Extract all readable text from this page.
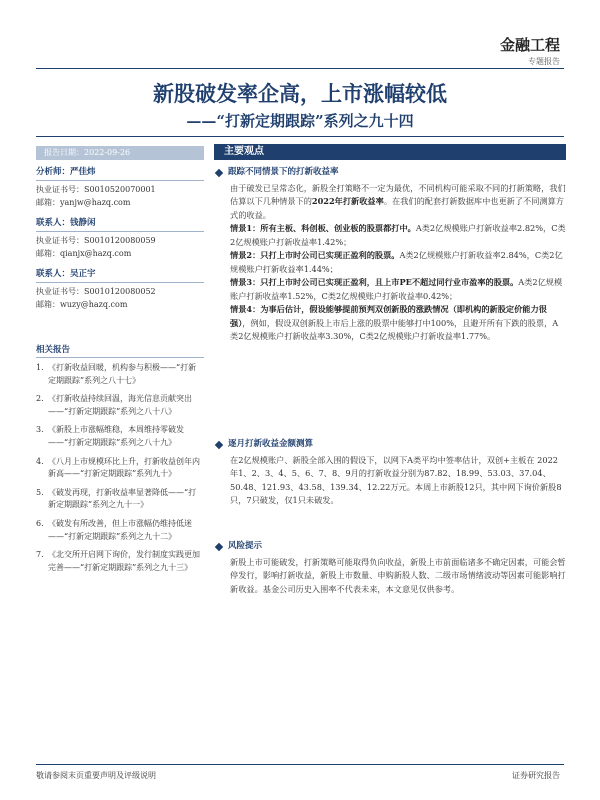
金融工程
专题报告
新股破发率企高，上市涨幅较低
——“打新定期跟踪”系列之九十四
报告日期：2022-09-26
分析师：严佳炜
执业证书号：S0010520070001
邮箱：yanjw@hazq.com
联系人：钱静闲
执业证书号：S0010120080059
邮箱：qianjx@hazq.com
联系人：吴正宇
执业证书号：S0010120080052
邮箱：wuzy@hazq.com
相关报告
1. 《打新收益回暖，机构参与积极——“打新定期跟踪”系列之八十七》
2. 《打新收益持续回温，海光信息贡献突出——“打新定期跟踪”系列之八十八》
3. 《新股上市涨幅维稳，本周维持零破发——“打新定期跟踪”系列之八十九》
4. 《八月上市规模环比上升，打新收益创年内新高——“打新定期跟踪”系列九十》
5. 《破发再现，打新收益率显著降低——“打新定期跟踪”系列之九十一》
6. 《破发有所改善，但上市涨幅仍维持低迷——“打新定期跟踪”系列之九十二》
7. 《北交所开启网下询价，发行制度实践更加完善——“打新定期跟踪”系列之九十三》
主要观点
跟踪不同情景下的打新收益率

由于破发已呈常态化，新股全打策略不一定为最优，不同机构可能采取不同的打新策略，我们估算以下几种情景下的2022年打新收益率。在我们的配套打新数据库中也更新了不同测算方式的收益。

情景1：所有主板、科创板、创业板的股票都打中。A类2亿规模账户打新收益率2.82%，C类2亿规模账户打新收益率1.42%；

情景2：只打上市时公司已实现正盈利的股票。A类2亿规模账户打新收益率2.84%，C类2亿规模账户打新收益率1.44%；

情景3：只打上市时公司已实现正盈利，且上市PE不超过同行业市盈率的股票。A类2亿规模账户打新收益率1.52%，C类2亿规模账户打新收益率0.42%；

情景4：为事后估计，假设能够提前预判双创新股的涨跌情况（即机构的新股定价能力很强），例如，假设双创新股上市后上涨的股票中能够打中100%，且避开所有下跌的股票，A类2亿规模账户打新收益率3.30%，C类2亿规模账户打新收益率1.77%。

逐月打新收益金额测算

在2亿规模账户、新股全部入围的假设下，以网下A类平均中签率估计，双创+主板在 2022年1、2、3、4、5、6、7、8、9月的打新收益分别为87.82、18.99、53.03、37.04、50.48、121.93、43.58、139.34、12.22万元。本周上市新股12只，其中网下询价新股8只，7只破发，仅1只未破发。

风险提示

新股上市可能破发，打新策略可能取得负向收益，新股上市前面临诸多不确定因素，可能会暂停发行，影响打新收益，新股上市数量、申购新股人数、二级市场情绪波动等因素可能影响打新收益。基金公司历史入围率不代表未来，本文意见仅供参考。

敬请参阅末页重要声明及评级说明	证券研究报告
